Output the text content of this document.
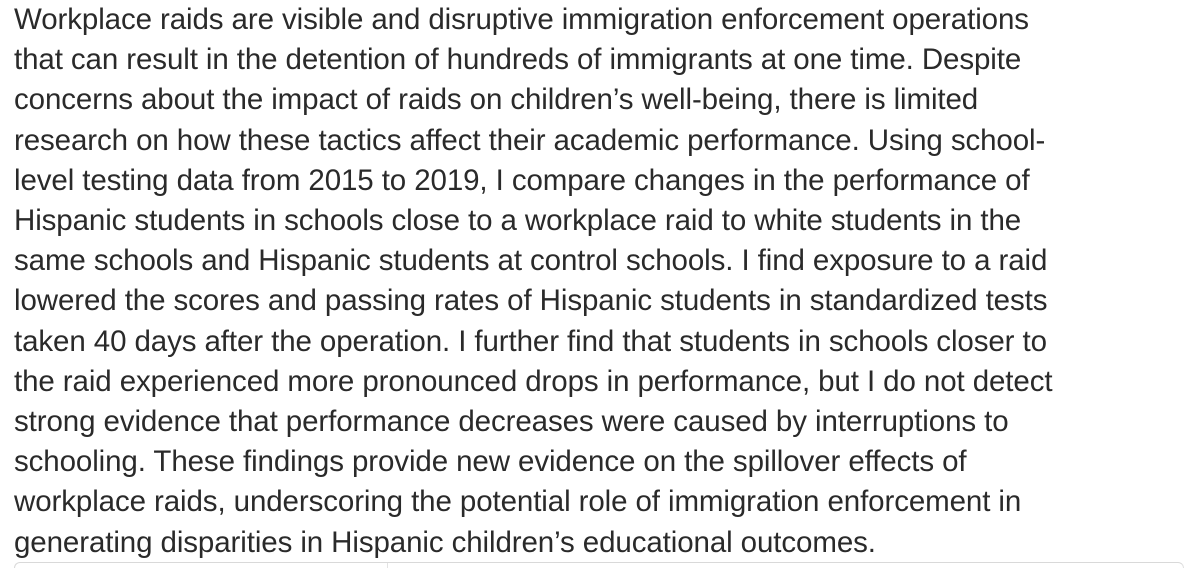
Workplace raids are visible and disruptive immigration enforcement operations
that can result in the detention of hundreds of immigrants at one time. Despite
concerns about the impact of raids on children’s well-being, there is limited
research on how these tactics affect their academic performance. Using school-
level testing data from 2015 to 2019, I compare changes in the performance of
Hispanic students in schools close to a workplace raid to white students in the
same schools and Hispanic students at control schools. I find exposure to a raid
lowered the scores and passing rates of Hispanic students in standardized tests
taken 40 days after the operation. I further find that students in schools closer to
the raid experienced more pronounced drops in performance, but I do not detect
strong evidence that performance decreases were caused by interruptions to
schooling. These findings provide new evidence on the spillover effects of
workplace raids, underscoring the potential role of immigration enforcement in
generating disparities in Hispanic children’s educational outcomes.
